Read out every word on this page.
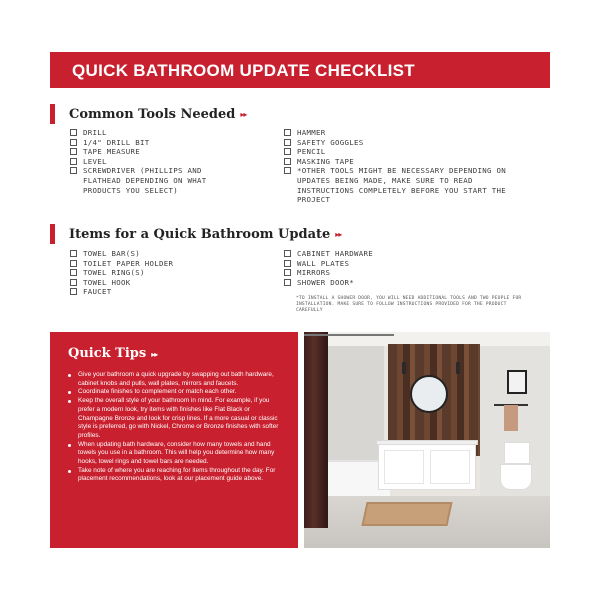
QUICK BATHROOM UPDATE CHECKLIST
Common Tools Needed ▸▸
DRILL
1/4" DRILL BIT
TAPE MEASURE
LEVEL
SCREWDRIVER (PHILLIPS AND FLATHEAD DEPENDING ON WHAT PRODUCTS YOU SELECT)
HAMMER
SAFETY GOGGLES
PENCIL
MASKING TAPE
*OTHER TOOLS MIGHT BE NECESSARY DEPENDING ON UPDATES BEING MADE, MAKE SURE TO READ INSTRUCTIONS COMPLETELY BEFORE YOU START THE PROJECT
Items for a Quick Bathroom Update ▸▸
TOWEL BAR(S)
TOILET PAPER HOLDER
TOWEL RING(S)
TOWEL HOOK
FAUCET
CABINET HARDWARE
WALL PLATES
MIRRORS
SHOWER DOOR*
*TO INSTALL A SHOWER DOOR, YOU WILL NEED ADDITIONAL TOOLS AND TWO PEOPLE FOR INSTALLATION. MAKE SURE TO FOLLOW INSTRUCTIONS PROVIDED FOR THE PRODUCT CAREFULLY
Quick Tips ▸▸
Give your bathroom a quick upgrade by swapping out bath hardware, cabinet knobs and pulls, wall plates, mirrors and faucets.
Coordinate finishes to complement or match each other.
Keep the overall style of your bathroom in mind. For example, if you prefer a modern look, try items with finishes like Flat Black or Champagne Bronze and look for crisp lines. If a more casual or classic style is preferred, go with Nickel, Chrome or Bronze finishes with softer profiles.
When updating bath hardware, consider how many towels and hand towels you use in a bathroom. This will help you determine how many hooks, towel rings and towel bars are needed.
Take note of where you are reaching for items throughout the day. For placement recommendations, look at our placement guide above.
